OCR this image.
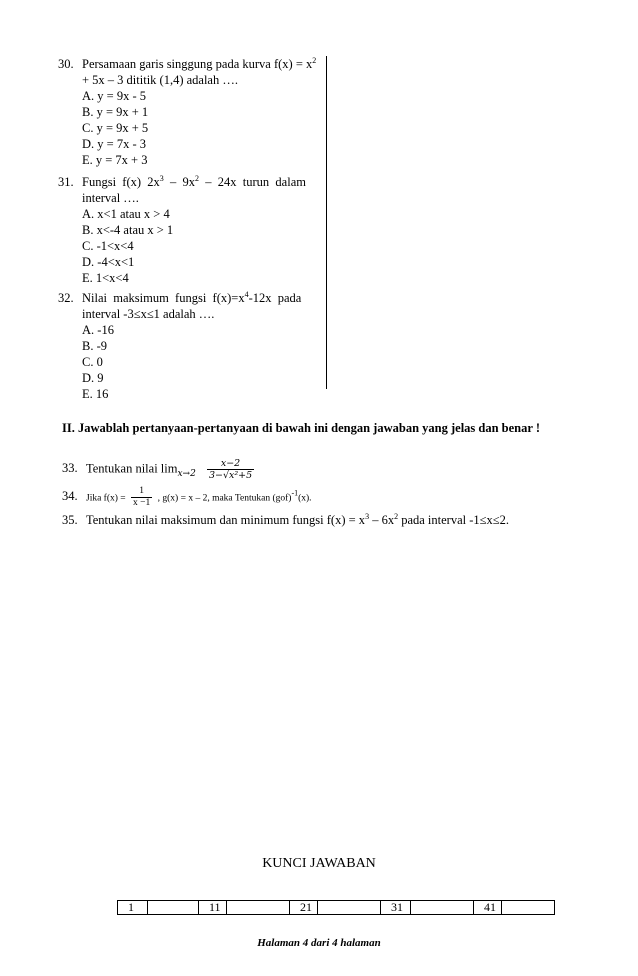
30. Persamaan garis singgung pada kurva $f(x) = x^2$
+ 5x – 3 dititik (1,4) adalah ….
A. y = 9x - 5
B. y = 9x + 1
C. y = 9x + 5
D. y = 7x - 3
E. y = 7x + 3
31. Fungsi  f(x)  $2x^3 - 9x^2 - 24x$  turun  dalam
interval ….
A. x<1 atau x > 4
B. x<-4 atau x > 1
C. -1<x<4
D. -4<x<1
E. 1<x<4
32. Nilai  maksimum  fungsi  $f(x)=x^4-12x$  pada
interval -3≤x≤1 adalah ….
A. -16
B. -9
C. 0
D. 9
E. 16
II. Jawablah pertanyaan-pertanyaan di bawah ini dengan jawaban yang jelas dan benar !
33. Tentukan nilai $\lim_{x\to 2} \frac{x-2}{\text{3−√x²+5}}$
34. Jika $f(x) = \frac{1}{x -1}$ , g(x) = x – 2, maka Tentukan (gof)$^{-1}$(x).
35. Tentukan nilai maksimum dan minimum fungsi $f(x) = x^3 - 6x^2$ pada interval -1≤x≤2.
KUNCI JAWABAN
1		11		21		31		41	
Halaman 4 dari 4 halaman
